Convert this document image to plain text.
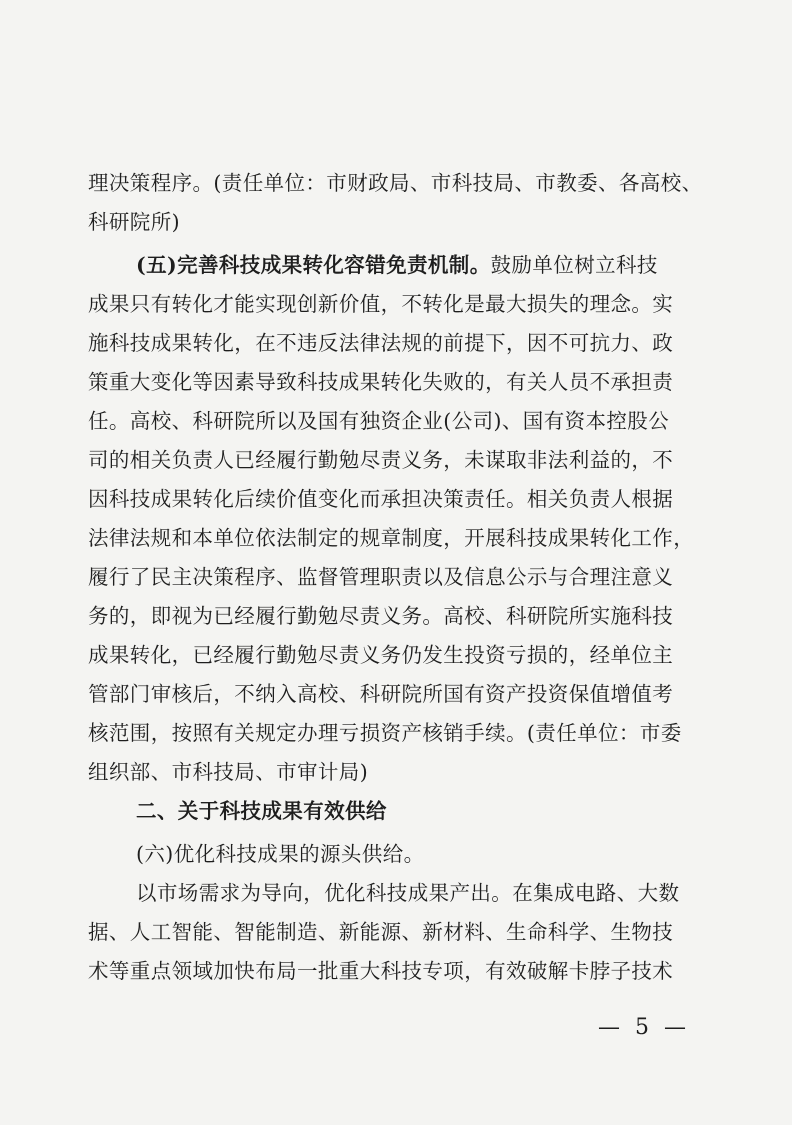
理决策程序。(责任单位：市财政局、市科技局、市教委、各高校、
科研院所)
(五)完善科技成果转化容错免责机制。鼓励单位树立科技
成果只有转化才能实现创新价值，不转化是最大损失的理念。实
施科技成果转化，在不违反法律法规的前提下，因不可抗力、政
策重大变化等因素导致科技成果转化失败的，有关人员不承担责
任。高校、科研院所以及国有独资企业(公司)、国有资本控股公
司的相关负责人已经履行勤勉尽责义务，未谋取非法利益的，不
因科技成果转化后续价值变化而承担决策责任。相关负责人根据
法律法规和本单位依法制定的规章制度，开展科技成果转化工作，
履行了民主决策程序、监督管理职责以及信息公示与合理注意义
务的，即视为已经履行勤勉尽责义务。高校、科研院所实施科技
成果转化，已经履行勤勉尽责义务仍发生投资亏损的，经单位主
管部门审核后，不纳入高校、科研院所国有资产投资保值增值考
核范围，按照有关规定办理亏损资产核销手续。(责任单位：市委
组织部、市科技局、市审计局)
二、关于科技成果有效供给
(六)优化科技成果的源头供给。
以市场需求为导向，优化科技成果产出。在集成电路、大数
据、人工智能、智能制造、新能源、新材料、生命科学、生物技
术等重点领域加快布局一批重大科技专项，有效破解卡脖子技术
— 5 —
